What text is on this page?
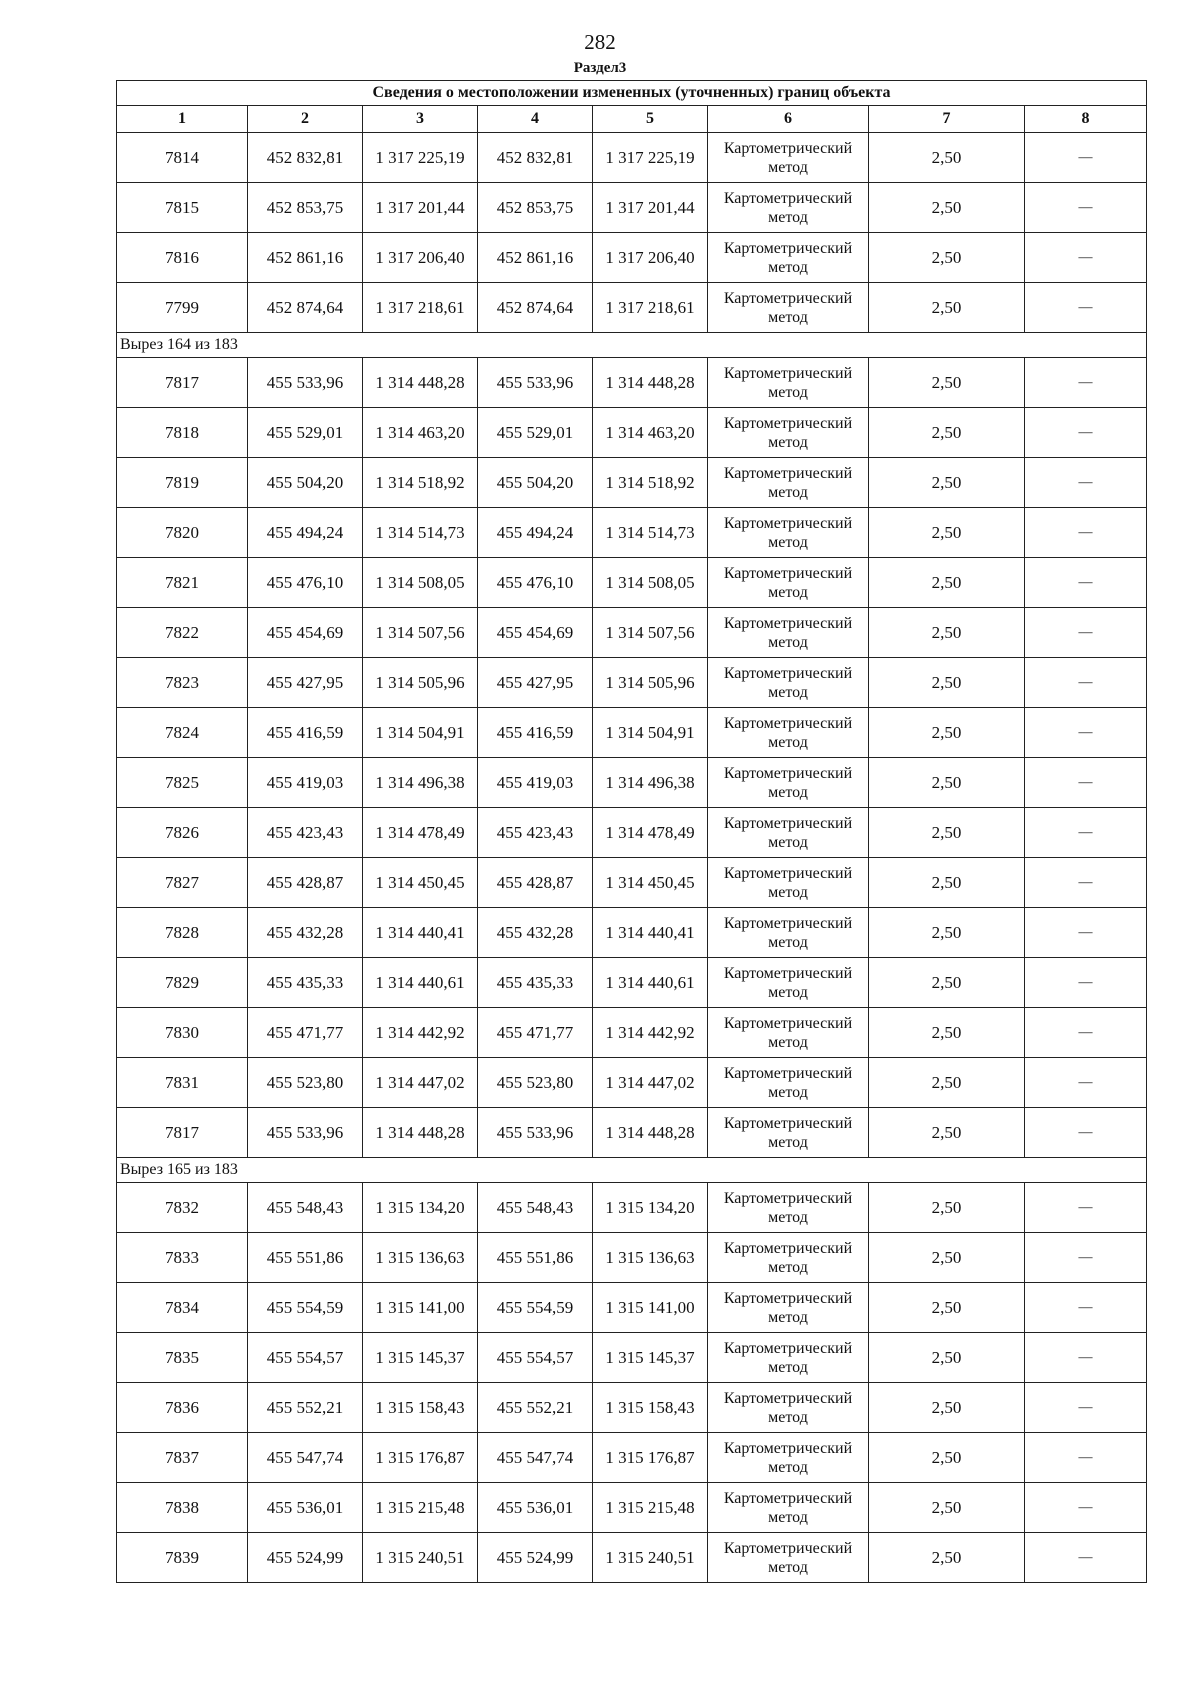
282
Раздел3
Сведения о местоположении измененных (уточненных) границ объекта							
1	2	3	4	5	6	7	8
7814	452 832,81	1 317 225,19	452 832,81	1 317 225,19	Картометрический метод	2,50	—
7815	452 853,75	1 317 201,44	452 853,75	1 317 201,44	Картометрический метод	2,50	—
7816	452 861,16	1 317 206,40	452 861,16	1 317 206,40	Картометрический метод	2,50	—
7799	452 874,64	1 317 218,61	452 874,64	1 317 218,61	Картометрический метод	2,50	—
Вырез 164 из 183							
7817	455 533,96	1 314 448,28	455 533,96	1 314 448,28	Картометрический метод	2,50	—
7818	455 529,01	1 314 463,20	455 529,01	1 314 463,20	Картометрический метод	2,50	—
7819	455 504,20	1 314 518,92	455 504,20	1 314 518,92	Картометрический метод	2,50	—
7820	455 494,24	1 314 514,73	455 494,24	1 314 514,73	Картометрический метод	2,50	—
7821	455 476,10	1 314 508,05	455 476,10	1 314 508,05	Картометрический метод	2,50	—
7822	455 454,69	1 314 507,56	455 454,69	1 314 507,56	Картометрический метод	2,50	—
7823	455 427,95	1 314 505,96	455 427,95	1 314 505,96	Картометрический метод	2,50	—
7824	455 416,59	1 314 504,91	455 416,59	1 314 504,91	Картометрический метод	2,50	—
7825	455 419,03	1 314 496,38	455 419,03	1 314 496,38	Картометрический метод	2,50	—
7826	455 423,43	1 314 478,49	455 423,43	1 314 478,49	Картометрический метод	2,50	—
7827	455 428,87	1 314 450,45	455 428,87	1 314 450,45	Картометрический метод	2,50	—
7828	455 432,28	1 314 440,41	455 432,28	1 314 440,41	Картометрический метод	2,50	—
7829	455 435,33	1 314 440,61	455 435,33	1 314 440,61	Картометрический метод	2,50	—
7830	455 471,77	1 314 442,92	455 471,77	1 314 442,92	Картометрический метод	2,50	—
7831	455 523,80	1 314 447,02	455 523,80	1 314 447,02	Картометрический метод	2,50	—
7817	455 533,96	1 314 448,28	455 533,96	1 314 448,28	Картометрический метод	2,50	—
Вырез 165 из 183							
7832	455 548,43	1 315 134,20	455 548,43	1 315 134,20	Картометрический метод	2,50	—
7833	455 551,86	1 315 136,63	455 551,86	1 315 136,63	Картометрический метод	2,50	—
7834	455 554,59	1 315 141,00	455 554,59	1 315 141,00	Картометрический метод	2,50	—
7835	455 554,57	1 315 145,37	455 554,57	1 315 145,37	Картометрический метод	2,50	—
7836	455 552,21	1 315 158,43	455 552,21	1 315 158,43	Картометрический метод	2,50	—
7837	455 547,74	1 315 176,87	455 547,74	1 315 176,87	Картометрический метод	2,50	—
7838	455 536,01	1 315 215,48	455 536,01	1 315 215,48	Картометрический метод	2,50	—
7839	455 524,99	1 315 240,51	455 524,99	1 315 240,51	Картометрический метод	2,50	—
